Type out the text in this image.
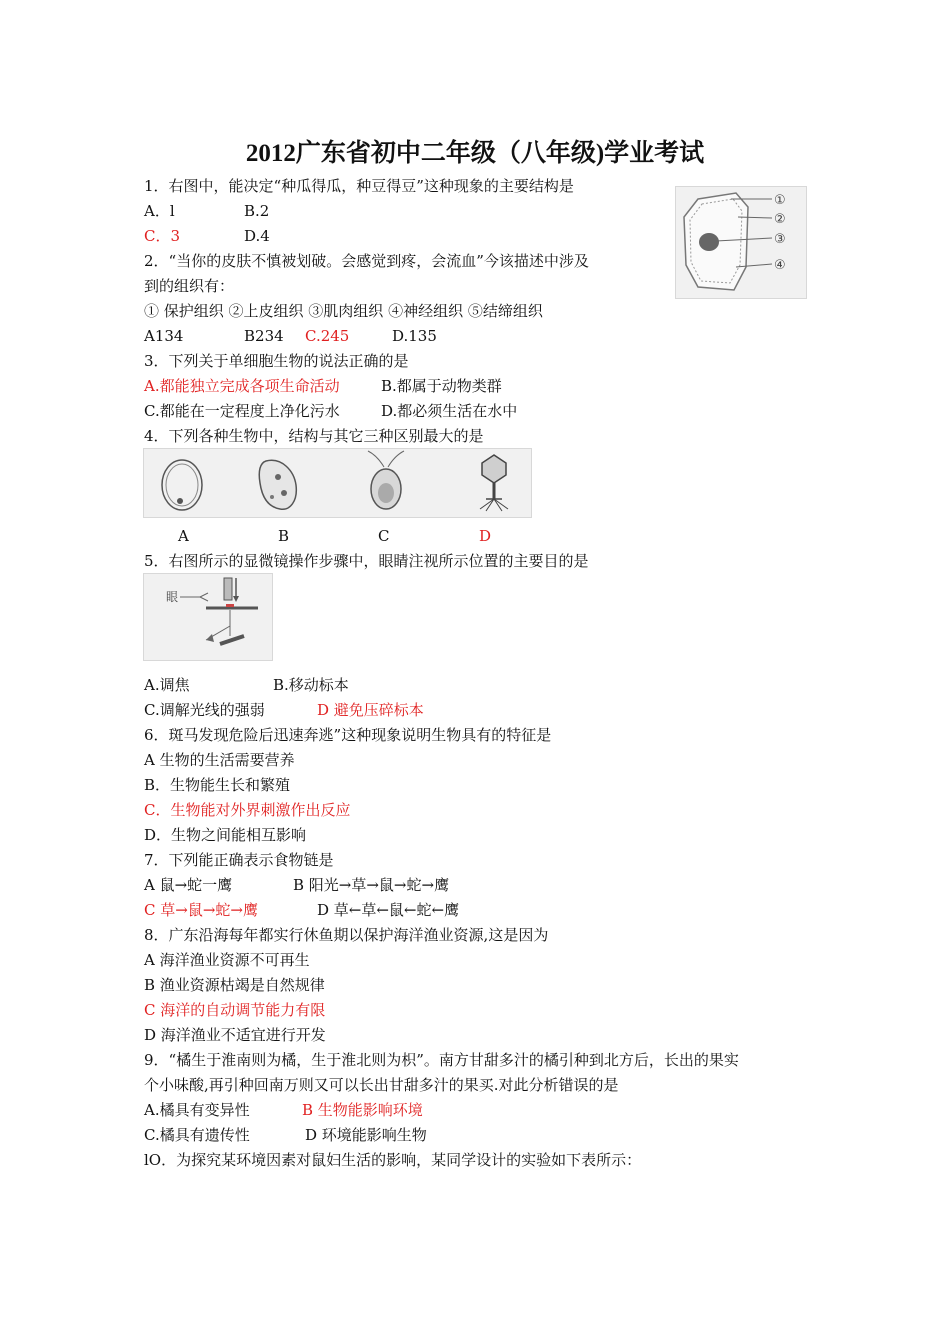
2012广东省初中二年级（八年级)学业考试
1．右图中，能决定“种瓜得瓜，种豆得豆”这种现象的主要结构是
A．l	B.2
C．3	D.4
①
②
③
④
2．“当你的皮肤不慎被划破。会感觉到疼，会流血”今该描述中涉及
到的组织有：
① 保护组织 ②上皮组织 ③肌肉组织 ④神经组织 ⑤结缔组织
A134	B234 C.245	D.135
3．下列关于单细胞生物的说法正确的是
A.都能独立完成各项生命活动	B.都属于动物类群
C.都能在一定程度上净化污水	D.都必须生活在水中
4．下列各种生物中，结构与其它三种区别最大的是
A	B	C	D
5．右图所示的显微镜操作步骤中，眼睛注视所示位置的主要目的是
眼
A.调焦	B.移动标本
C.调解光线的强弱	D 避免压碎标本
6．斑马发现危险后迅速奔逃”这种现象说明生物具有的特征是
A 生物的生活需要营养
B．生物能生长和繁殖
C．生物能对外界刺激作出反应
D．生物之间能相互影响
7．下列能正确表示食物链是
A 鼠→蛇一鹰	B 阳光→草→鼠→蛇→鹰
C 草→鼠→蛇→鹰	D 草←草←鼠←蛇←鹰
8．广东沿海每年都实行休鱼期以保护海洋渔业资源,这是因为
A 海洋渔业资源不可再生
B 渔业资源枯竭是自然规律
C 海洋的自动调节能力有限
D 海洋渔业不适宜进行开发
9．“橘生于淮南则为橘，生于淮北则为枳”。南方甘甜多汁的橘引种到北方后，长出的果实
个小味酸,再引种回南万则又可以长出甘甜多汁的果买.对此分析错误的是
A.橘具有变异性	B 生物能影响环境
C.橘具有遗传性	D 环境能影响生物
lO．为探究某环境因素对鼠妇生活的影响，某同学设计的实验如下表所示：
